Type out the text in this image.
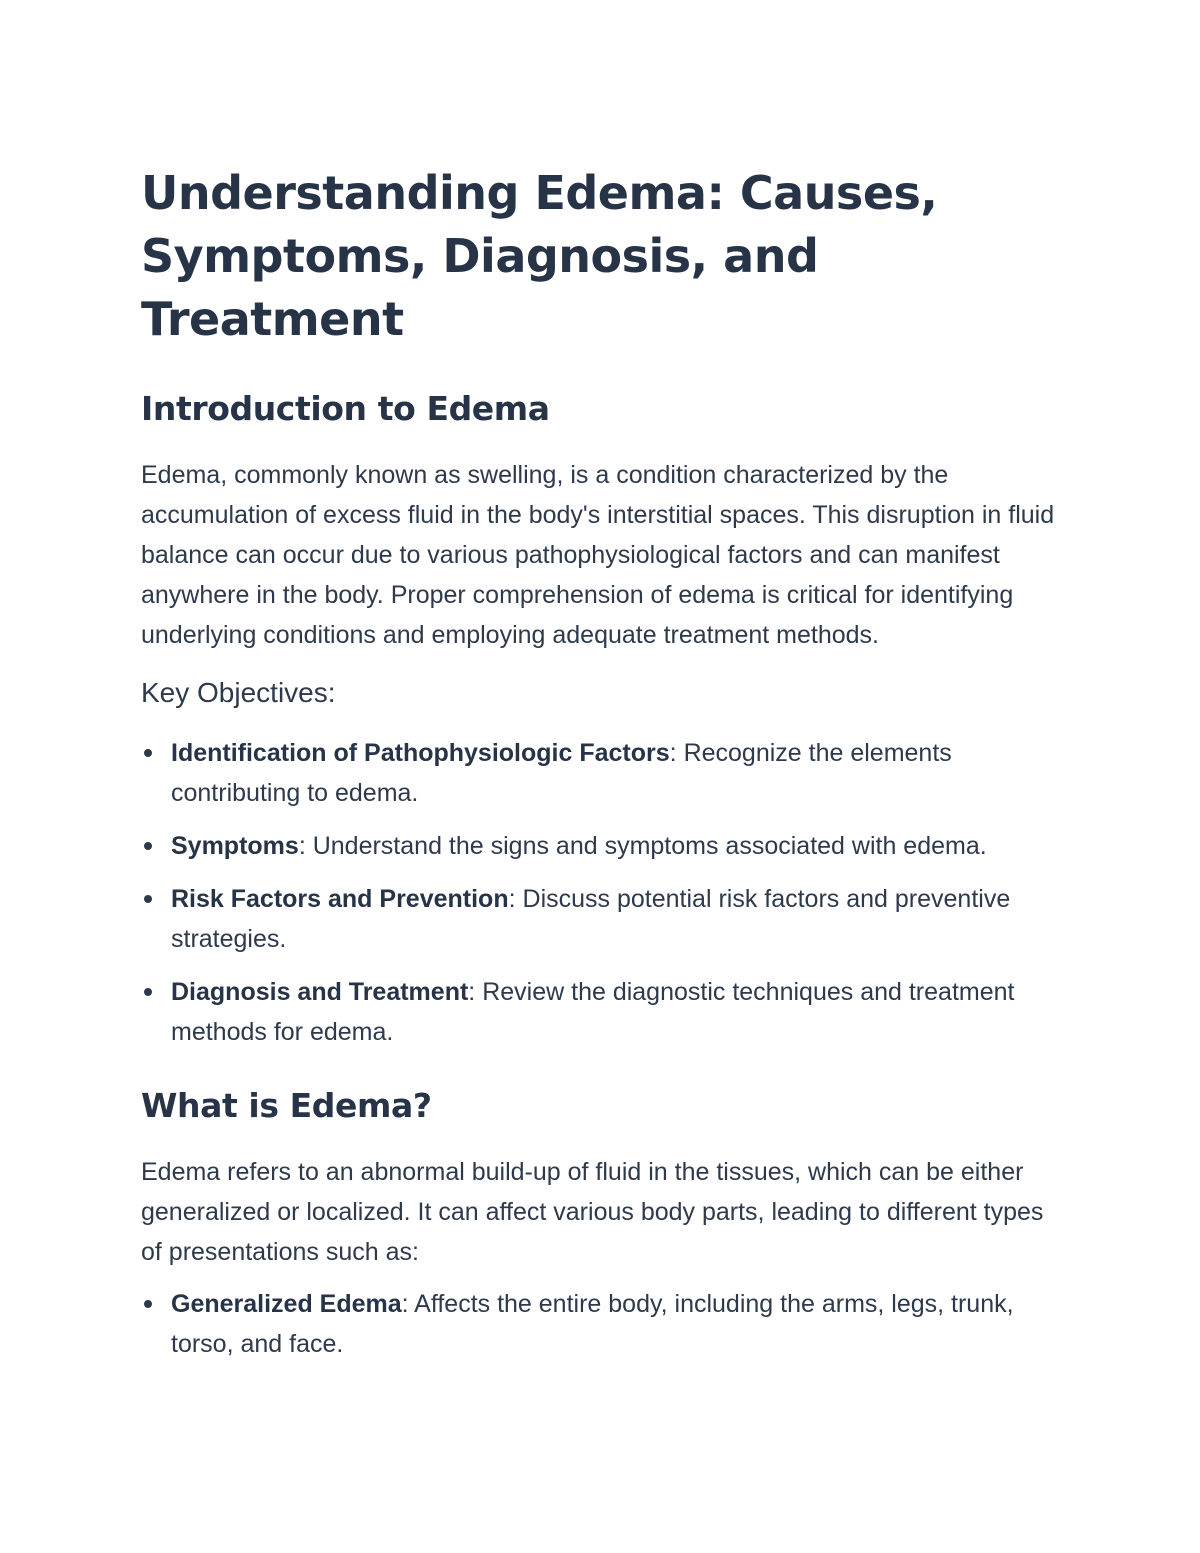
Understanding Edema: Causes, Symptoms, Diagnosis, and Treatment
Introduction to Edema

Edema, commonly known as swelling, is a condition characterized by the accumulation of excess fluid in the body's interstitial spaces. This disruption in fluid balance can occur due to various pathophysiological factors and can manifest anywhere in the body. Proper comprehension of edema is critical for identifying underlying conditions and employing adequate treatment methods.

Key Objectives:
Identification of Pathophysiologic Factors: Recognize the elements contributing to edema.
Symptoms: Understand the signs and symptoms associated with edema.
Risk Factors and Prevention: Discuss potential risk factors and preventive strategies.
Diagnosis and Treatment: Review the diagnostic techniques and treatment methods for edema.
What is Edema?

Edema refers to an abnormal build-up of fluid in the tissues, which can be either generalized or localized. It can affect various body parts, leading to different types of presentations such as:

Generalized Edema: Affects the entire body, including the arms, legs, trunk, torso, and face.
